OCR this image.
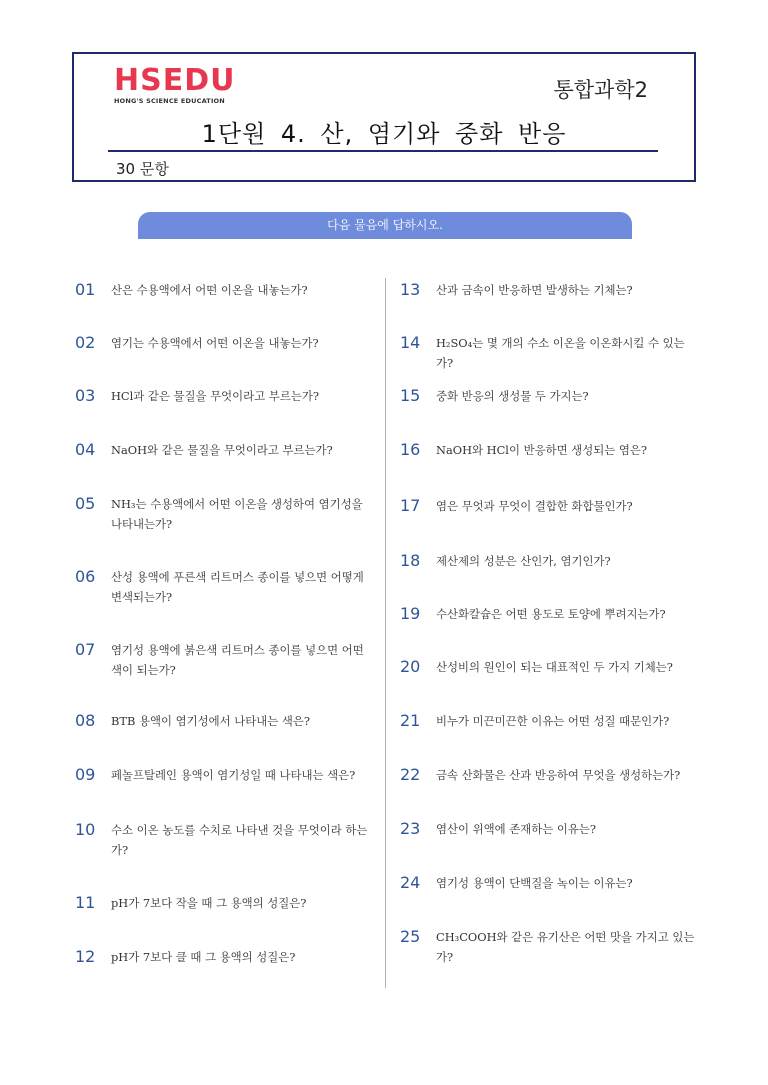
HSEDU
HONG'S SCIENCE EDUCATION	통합과학2
1단원 4. 산, 염기와 중화 반응
30 문항
다음 물음에 답하시오.
01	산은 수용액에서 어떤 이온을 내놓는가?
02	염기는 수용액에서 어떤 이온을 내놓는가?
03	HCl과 같은 물질을 무엇이라고 부르는가?
04	NaOH와 같은 물질을 무엇이라고 부르는가?
05	NH₃는 수용액에서 어떤 이온을 생성하여 염기성을 나타내는가?
06	산성 용액에 푸른색 리트머스 종이를 넣으면 어떻게 변색되는가?
07	염기성 용액에 붉은색 리트머스 종이를 넣으면 어떤 색이 되는가?
08	BTB 용액이 염기성에서 나타내는 색은?
09	페놀프탈레인 용액이 염기성일 때 나타내는 색은?
10	수소 이온 농도를 수치로 나타낸 것을 무엇이라 하는가?
11	pH가 7보다 작을 때 그 용액의 성질은?
12	pH가 7보다 클 때 그 용액의 성질은?
13	산과 금속이 반응하면 발생하는 기체는?
14	H₂SO₄는 몇 개의 수소 이온을 이온화시킬 수 있는가?
15	중화 반응의 생성물 두 가지는?
16	NaOH와 HCl이 반응하면 생성되는 염은?
17	염은 무엇과 무엇이 결합한 화합물인가?
18	제산제의 성분은 산인가, 염기인가?
19	수산화칼슘은 어떤 용도로 토양에 뿌려지는가?
20	산성비의 원인이 되는 대표적인 두 가지 기체는?
21	비누가 미끈미끈한 이유는 어떤 성질 때문인가?
22	금속 산화물은 산과 반응하여 무엇을 생성하는가?
23	염산이 위액에 존재하는 이유는?
24	염기성 용액이 단백질을 녹이는 이유는?
25	CH₃COOH와 같은 유기산은 어떤 맛을 가지고 있는가?
